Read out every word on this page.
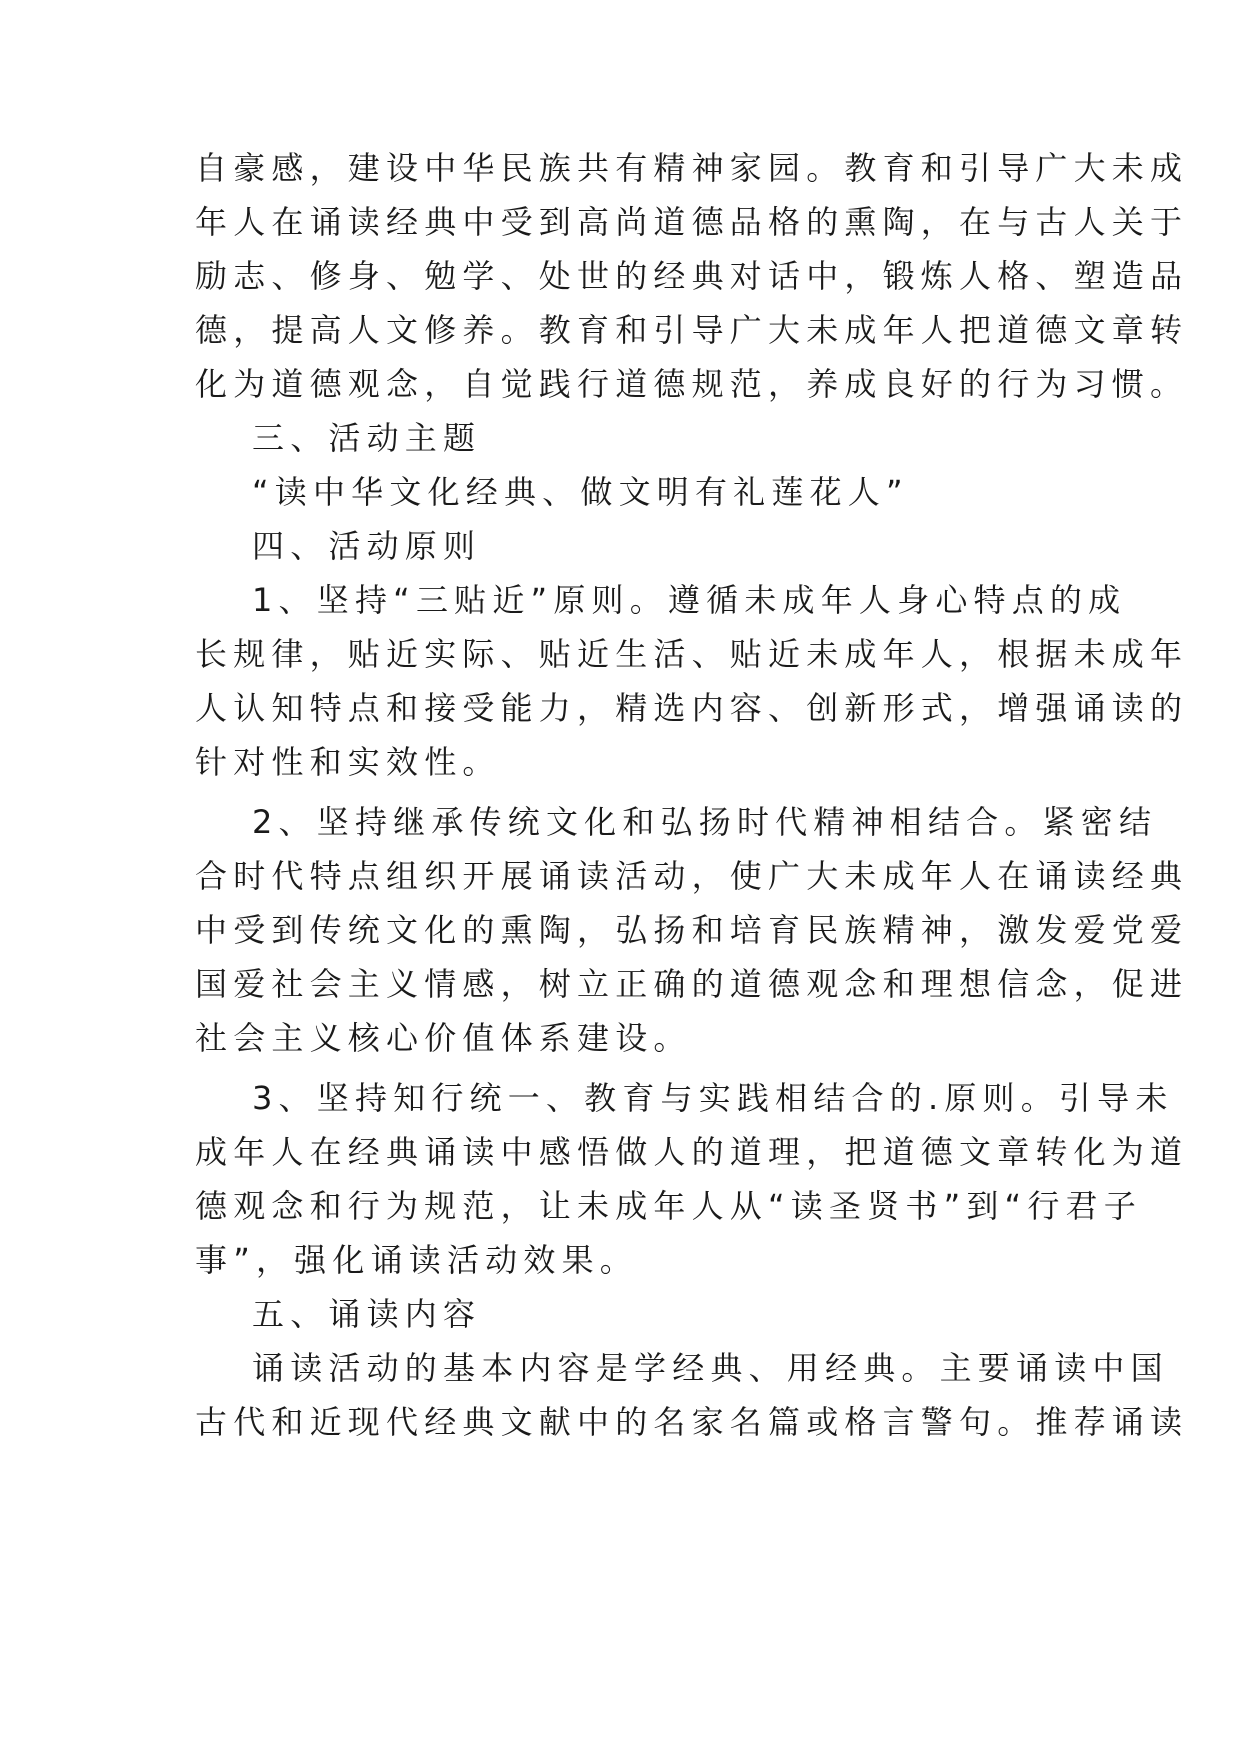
自豪感，建设中华民族共有精神家园。教育和引导广大未成
年人在诵读经典中受到高尚道德品格的熏陶，在与古人关于
励志、修身、勉学、处世的经典对话中，锻炼人格、塑造品
德，提高人文修养。教育和引导广大未成年人把道德文章转
化为道德观念，自觉践行道德规范，养成良好的行为习惯。
三、活动主题
“读中华文化经典、做文明有礼莲花人”
四、活动原则
1、坚持“三贴近”原则。遵循未成年人身心特点的成
长规律，贴近实际、贴近生活、贴近未成年人，根据未成年
人认知特点和接受能力，精选内容、创新形式，增强诵读的
针对性和实效性。
2、坚持继承传统文化和弘扬时代精神相结合。紧密结
合时代特点组织开展诵读活动，使广大未成年人在诵读经典
中受到传统文化的熏陶，弘扬和培育民族精神，激发爱党爱
国爱社会主义情感，树立正确的道德观念和理想信念，促进
社会主义核心价值体系建设。
3、坚持知行统一、教育与实践相结合的.原则。引导未
成年人在经典诵读中感悟做人的道理，把道德文章转化为道
德观念和行为规范，让未成年人从“读圣贤书”到“行君子
事”，强化诵读活动效果。
五、诵读内容
诵读活动的基本内容是学经典、用经典。主要诵读中国
古代和近现代经典文献中的名家名篇或格言警句。推荐诵读
